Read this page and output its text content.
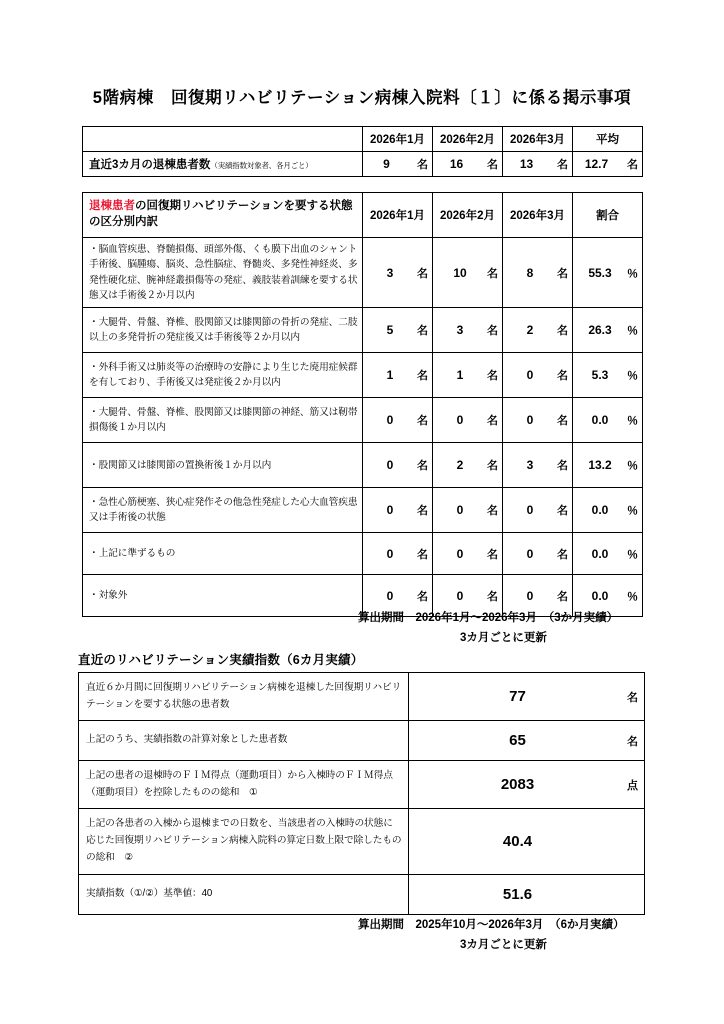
5階病棟　回復期リハビリテーション病棟入院料〔１〕に係る掲示事項
	2026年1月	2026年2月	2026年3月	平均
直近3カ月の退棟患者数（実績指数対象者、各月ごと）	9 名	16 名	13 名	12.7 名
退棟患者の回復期リハビリテーションを要する状態の区分別内訳	2026年1月	2026年2月	2026年3月	割合
・脳血管疾患、脊髄損傷、頭部外傷、くも膜下出血のシャント手術後、脳腫瘍、脳炎、急性脳症、脊髄炎、多発性神経炎、多発性硬化症、腕神経叢損傷等の発症、義肢装着訓練を要する状態又は手術後２か月以内	3 名	10 名	8 名	55.3 ％

・大腿骨、骨盤、脊椎、股関節又は膝関節の骨折の発症、二肢以上の多発骨折の発症後又は手術後等２か月以内	5 名	3 名	2 名	26.3 ％

・外科手術又は肺炎等の治療時の安静により生じた廃用症候群を有しており、手術後又は発症後２か月以内	1 名	1 名	0 名	5.3 ％

・大腿骨、骨盤、脊椎、股関節又は膝関節の神経、筋又は靭帯損傷後１か月以内	0 名	0 名	0 名	0.0 ％

・股関節又は膝関節の置換術後１か月以内	0 名	2 名	3 名	13.2 ％

・急性心筋梗塞、狭心症発作その他急性発症した心大血管疾患又は手術後の状態	0 名	0 名	0 名	0.0 ％

・上記に準ずるもの	0 名	0 名	0 名	0.0 ％

・対象外	0 名	0 名	0 名	0.0 ％
算出期間　2026年1月〜2026年3月　（3か月実績）
3カ月ごとに更新
直近のリハビリテーション実績指数（6カ月実績）
直近６か月間に回復期リハビリテーション病棟を退棟した回復期リハビリテーションを要する状態の患者数	77 名

上記のうち、実績指数の計算対象とした患者数	65 名

上記の患者の退棟時のＦＩＭ得点（運動項目）から入棟時のＦＩＭ得点（運動項目）を控除したものの総和　①	2083 点

上記の各患者の入棟から退棟までの日数を、当該患者の入棟時の状態に応じた回復期リハビリテーション病棟入院料の算定日数上限で除したものの総和　②	40.4

実績指数（①/②）基準値：40	51.6
算出期間　2025年10月〜2026年3月　（6か月実績）
3カ月ごとに更新
